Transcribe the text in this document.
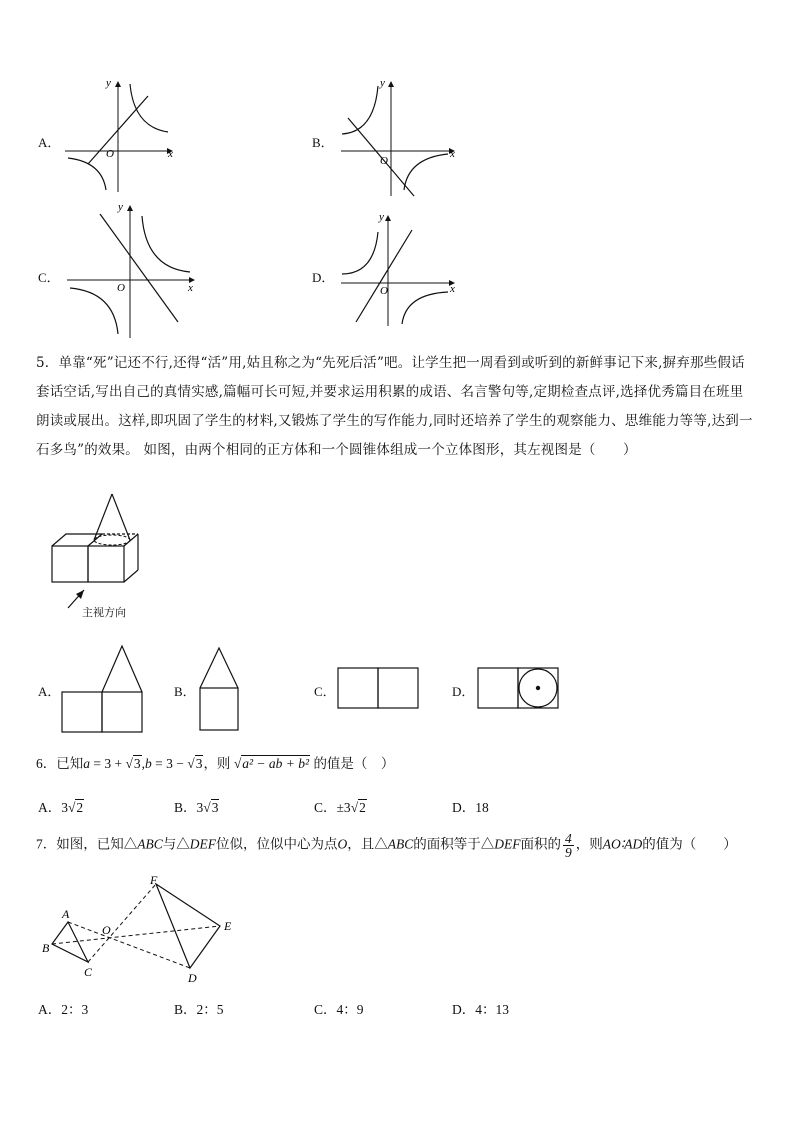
A．
O	x
y
B．
O
x
y
C．
O	x
y
D．
O	x
y
5．单靠“死”记还不行,还得“活”用,姑且称之为“先死后活”吧。让学生把一周看到或听到的新鲜事记下来,摒弃那些假话
套话空话,写出自己的真情实感,篇幅可长可短,并要求运用积累的成语、名言警句等,定期检查点评,选择优秀篇目在班里
朗读或展出。这样,即巩固了学生的材料,又锻炼了学生的写作能力,同时还培养了学生的观察能力、思维能力等等,达到一
石多鸟”的效果。 如图，由两个相同的正方体和一个圆锥体组成一个立体图形，其左视图是（　　）
主视方向
A．	B．	C．	D．
6．已知a = 3 + √3,b = 3 − √3，则 √a² − ab + b² 的值是（　）
A．3√2	B．3√3	C．±3√2	D．18
7．如图，已知△ABC与△DEF位似，位似中心为点O，且△ABC的面积等于△DEF面积的 $\frac{4}{9}$ ，则AO∶AD的值为（　　）
A
B
C
O
D
E
F
A．2：3	B．2：5	C．4：9	D．4：13
